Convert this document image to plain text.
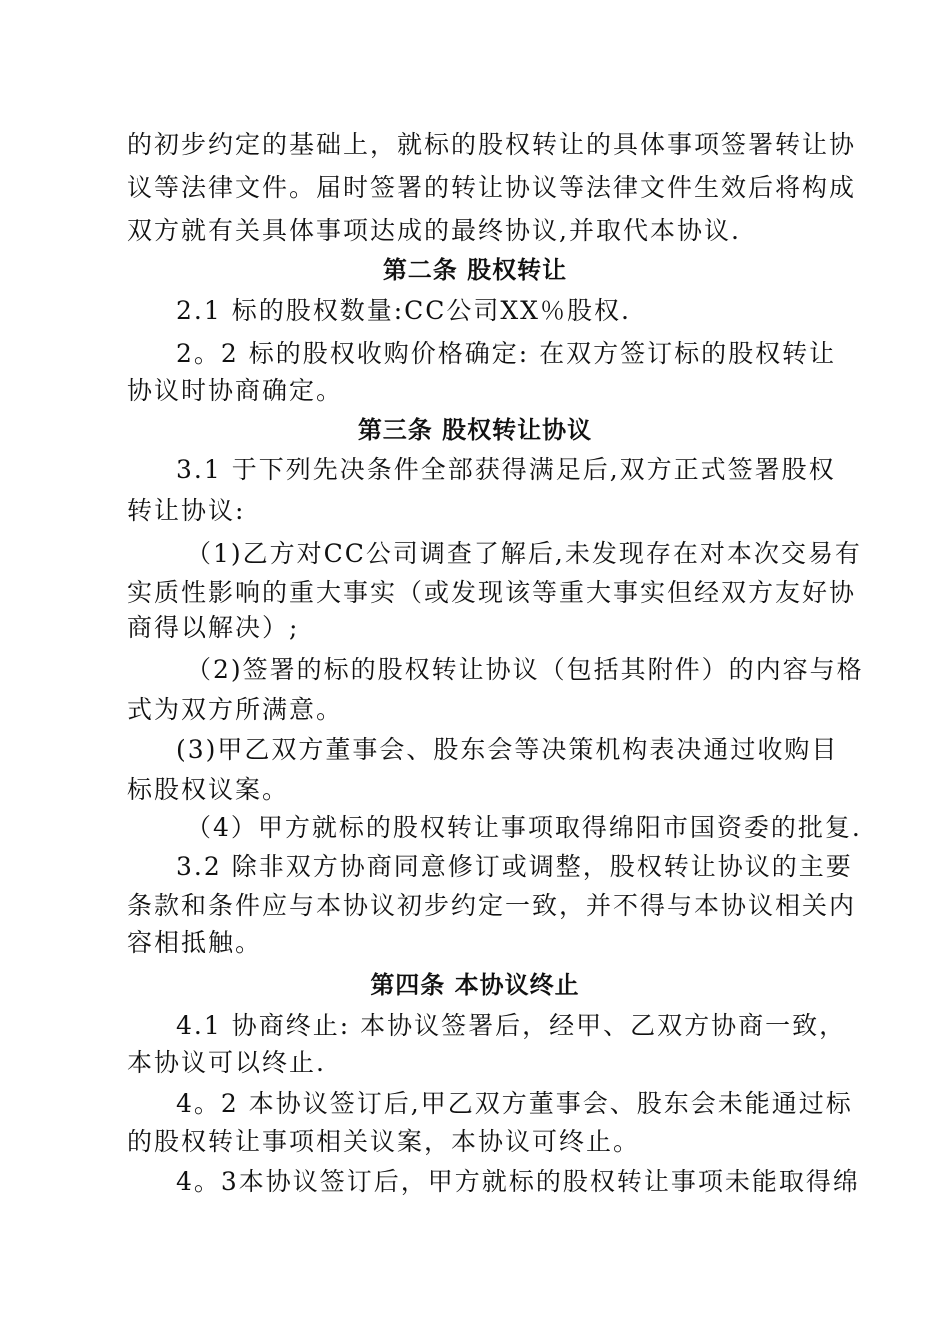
的初步约定的基础上，就标的股权转让的具体事项签署转让协
议等法律文件。届时签署的转让协议等法律文件生效后将构成
双方就有关具体事项达成的最终协议,并取代本协议.
第二条 股权转让
2.1 标的股权数量:CC公司XX％股权.
2。2 标的股权收购价格确定: 在双方签订标的股权转让
协议时协商确定。
第三条 股权转让协议
3.1 于下列先决条件全部获得满足后,双方正式签署股权
转让协议:
（1)乙方对CC公司调查了解后,未发现存在对本次交易有
实质性影响的重大事实（或发现该等重大事实但经双方友好协
商得以解决）;
（2)签署的标的股权转让协议（包括其附件）的内容与格
式为双方所满意。
(3)甲乙双方董事会、股东会等决策机构表决通过收购目
标股权议案。
（4）甲方就标的股权转让事项取得绵阳市国资委的批复.
3.2 除非双方协商同意修订或调整，股权转让协议的主要
条款和条件应与本协议初步约定一致，并不得与本协议相关内
容相抵触。
第四条 本协议终止
4.1 协商终止: 本协议签署后，经甲、乙双方协商一致，
本协议可以终止.
4。2 本协议签订后,甲乙双方董事会、股东会未能通过标
的股权转让事项相关议案，本协议可终止。
4。3本协议签订后，甲方就标的股权转让事项未能取得绵
